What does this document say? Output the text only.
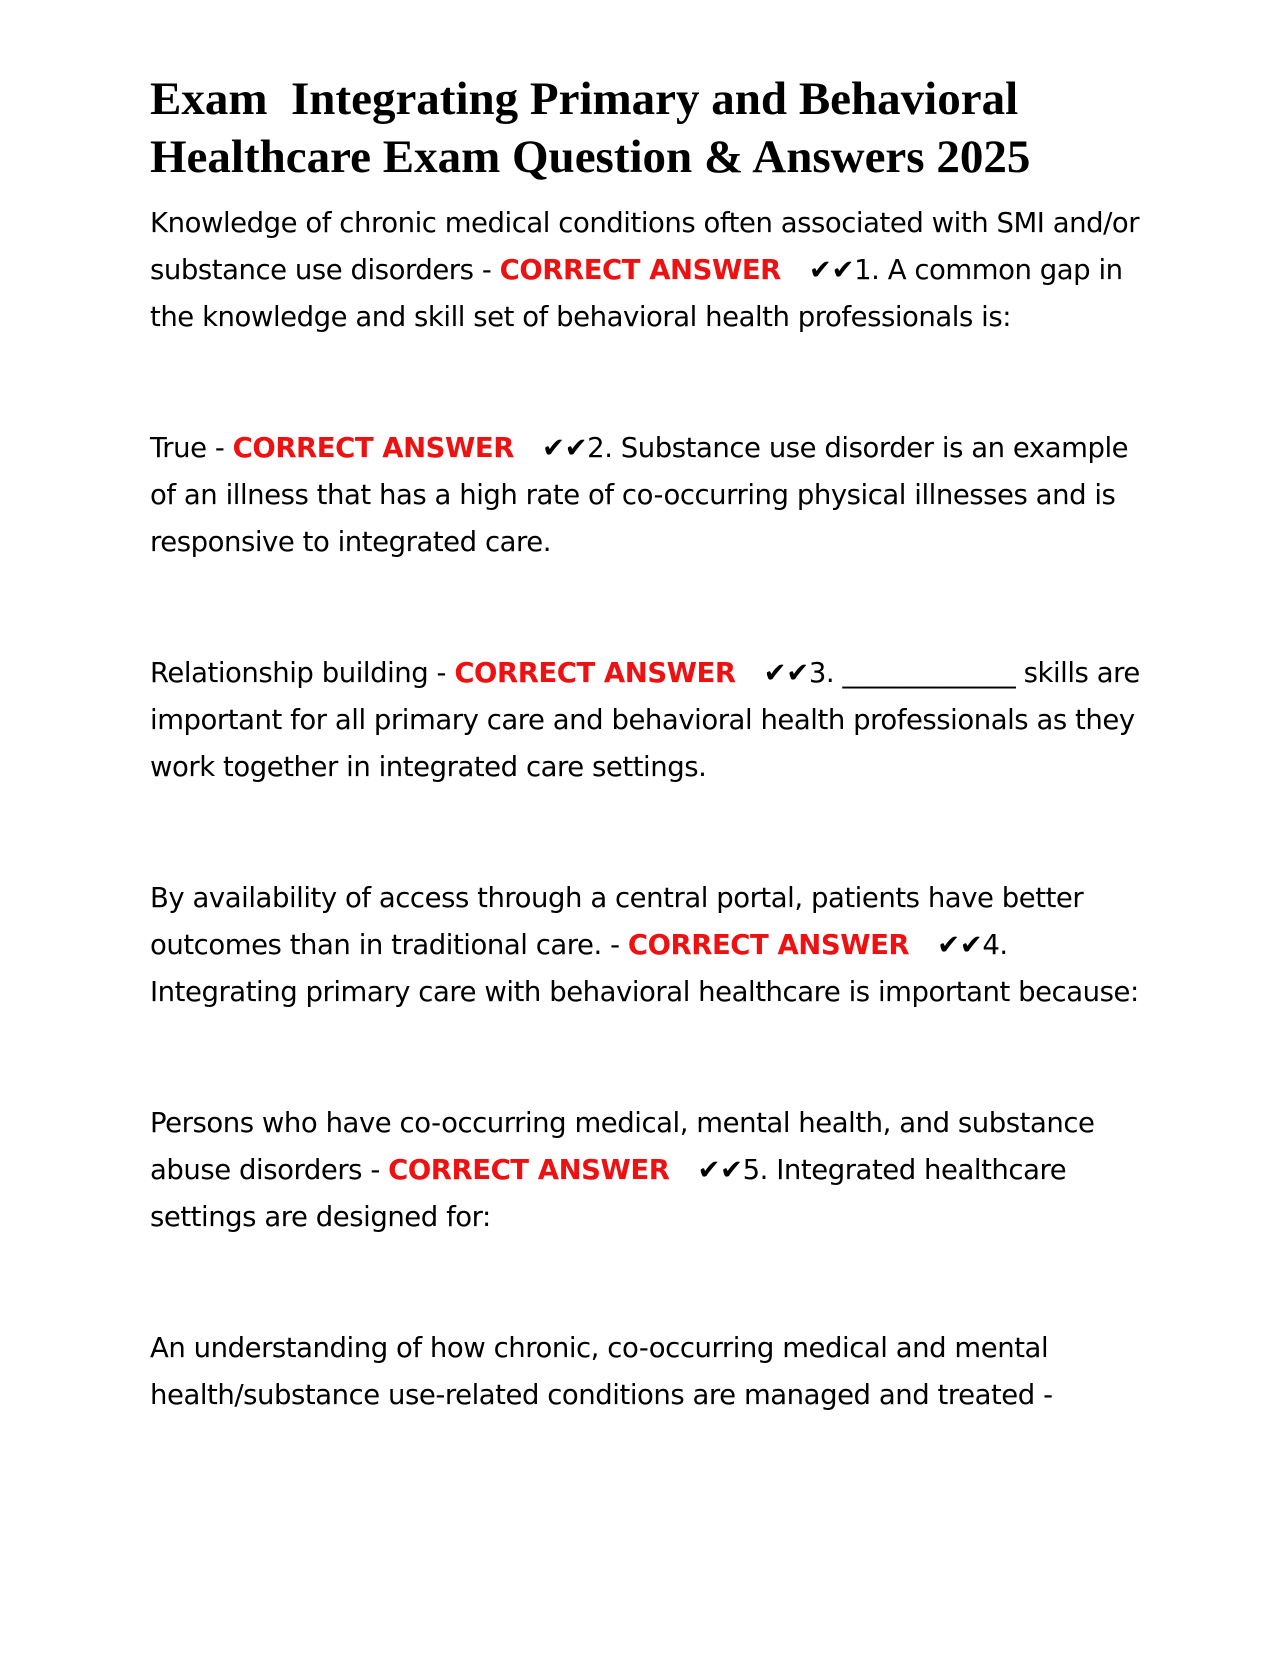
Exam  Integrating Primary and Behavioral Healthcare Exam Question & Answers 2025

Knowledge of chronic medical conditions often associated with SMI and/or substance use disorders - CORRECT ANSWER ✔✔1. A common gap in the knowledge and skill set of behavioral health professionals is:

True - CORRECT ANSWER ✔✔2. Substance use disorder is an example of an illness that has a high rate of co-occurring physical illnesses and is responsive to integrated care.

Relationship building - CORRECT ANSWER ✔✔3. _____________ skills are important for all primary care and behavioral health professionals as they work together in integrated care settings.

By availability of access through a central portal, patients have better outcomes than in traditional care. - CORRECT ANSWER ✔✔4. Integrating primary care with behavioral healthcare is important because:

Persons who have co-occurring medical, mental health, and substance abuse disorders - CORRECT ANSWER ✔✔5. Integrated healthcare settings are designed for:

An understanding of how chronic, co-occurring medical and mental health/substance use-related conditions are managed and treated -
